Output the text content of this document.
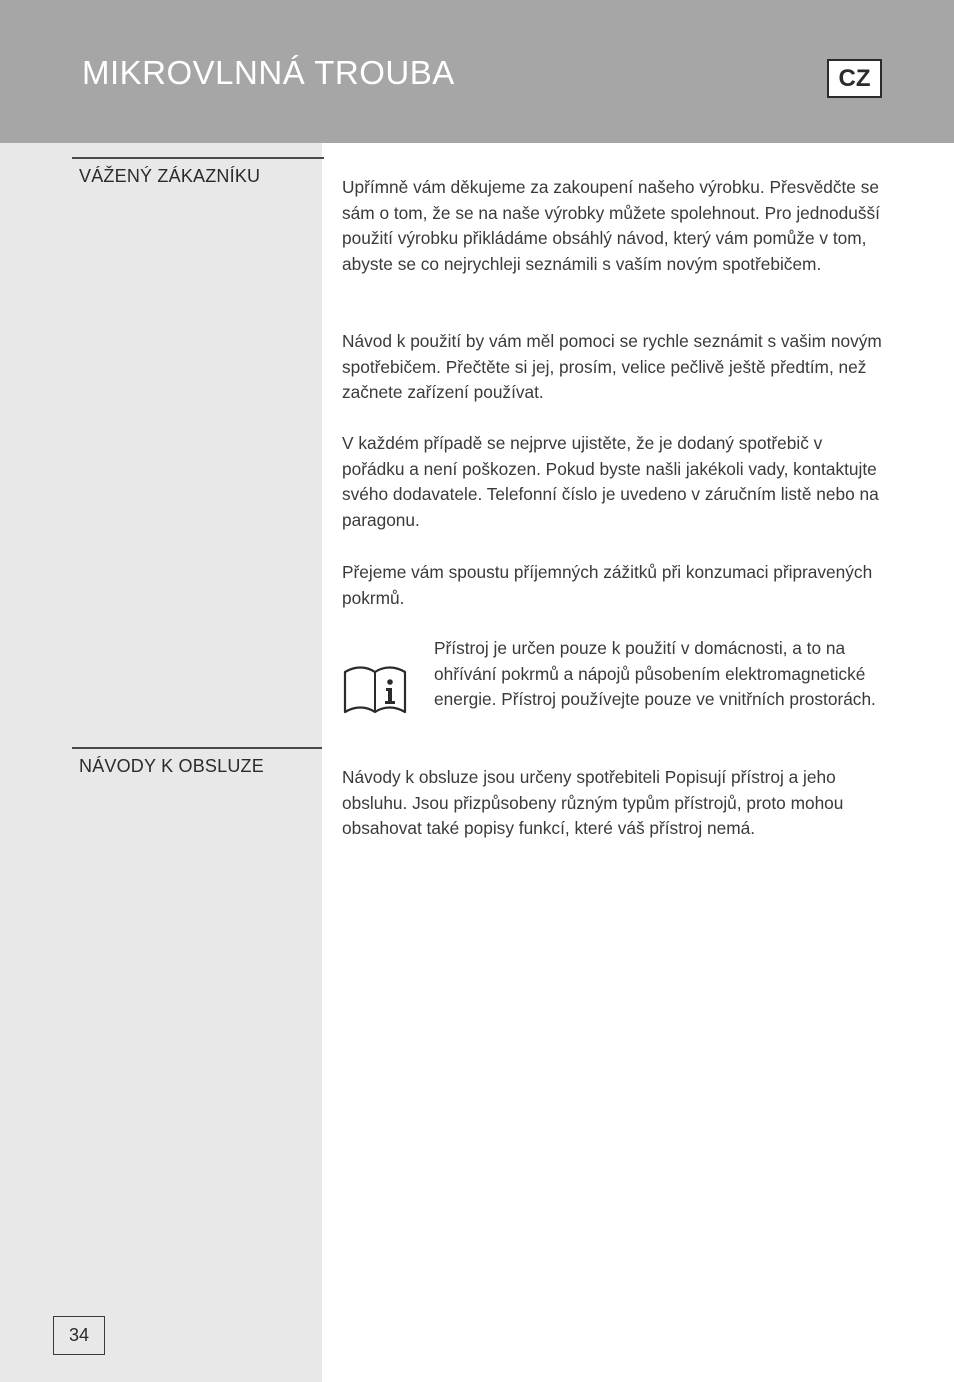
MIKROVLNNÁ TROUBA	CZ
VÁŽENÝ ZÁKAZNÍKU

Upřímně vám děkujeme za zakoupení našeho výrobku. Přesvědčte se sám o tom, že se na naše výrobky můžete spolehnout. Pro jednodušší použití výrobku přikládáme obsáhlý návod, který vám pomůže v tom, abyste se co nejrychleji seznámili s vaším novým spotřebičem.

Návod k použití by vám měl pomoci se rychle seznámit s vašim novým spotřebičem. Přečtěte si jej, prosím, velice pečlivě ještě předtím, než začnete zařízení používat.

V každém případě se nejprve ujistěte, že je dodaný spotřebič v pořádku a není poškozen. Pokud byste našli jakékoli vady, kontaktujte svého dodavatele. Telefonní číslo je uvedeno v záručním listě nebo na paragonu.

Přejeme vám spoustu příjemných zážitků při konzumaci připravených pokrmů.

Přístroj je určen pouze k použití v domácnosti, a to na ohřívání pokrmů a nápojů působením elektromagnetické energie. Přístroj používejte pouze ve vnitřních prostorách.

NÁVODY K OBSLUZE

Návody k obsluze jsou určeny spotřebiteli Popisují přístroj a jeho obsluhu. Jsou přizpůsobeny různým typům přístrojů, proto mohou obsahovat také popisy funkcí, které váš přístroj nemá.

34
